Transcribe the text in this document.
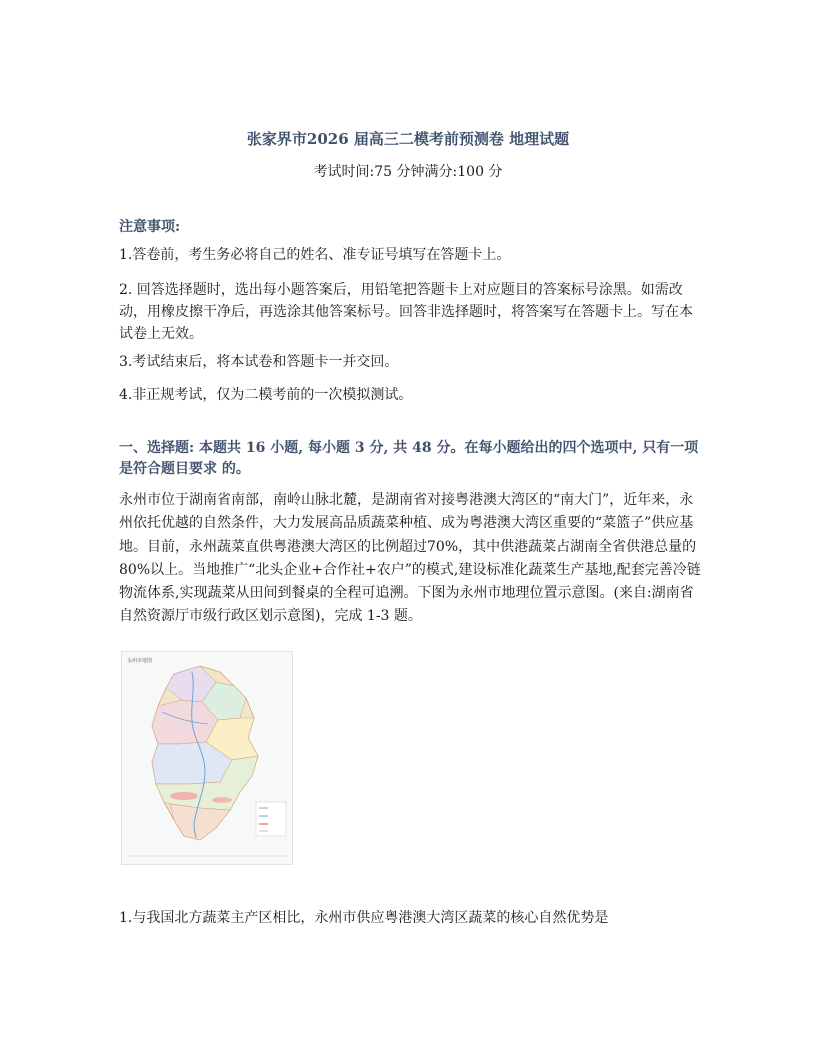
张家界市2026 届高三二模考前预测卷 地理试题
考试时间:75 分钟满分:100 分
注意事项:
1.答卷前，考生务必将自己的姓名、准专证号填写在答题卡上。
2. 回答选择题时，选出每小题答案后，用铅笔把答题卡上对应题目的答案标号涂黑。如需改动，用橡皮擦干净后，再选涂其他答案标号。回答非选择题时，将答案写在答题卡上。写在本试卷上无效。
3.考试结束后，将本试卷和答题卡一并交回。
4.非正规考试，仅为二模考前的一次模拟测试。
一、选择题: 本题共 16 小题, 每小题 3 分, 共 48 分。在每小题给出的四个选项中, 只有一项是符合题目要求 的。
永州市位于湖南省南部，南岭山脉北麓，是湖南省对接粤港澳大湾区的“南大门”，近年来，永州依托优越的自然条件，大力发展高品质蔬菜种植、成为粤港澳大湾区重要的“菜篮子”供应基地。目前，永州蔬菜直供粤港澳大湾区的比例超过70%，其中供港蔬菜占湖南全省供港总量的 80%以上。当地推广“北头企业+合作社+农户”的模式,建设标准化蔬菜生产基地,配套完善冷链物流体系,实现蔬菜从田间到餐桌的全程可追溯。下图为永州市地理位置示意图。(来自:湖南省自然资源厅市级行政区划示意图)，完成 1-3 题。
永州市地图
1.与我国北方蔬菜主产区相比，永州市供应粤港澳大湾区蔬菜的核心自然优势是
